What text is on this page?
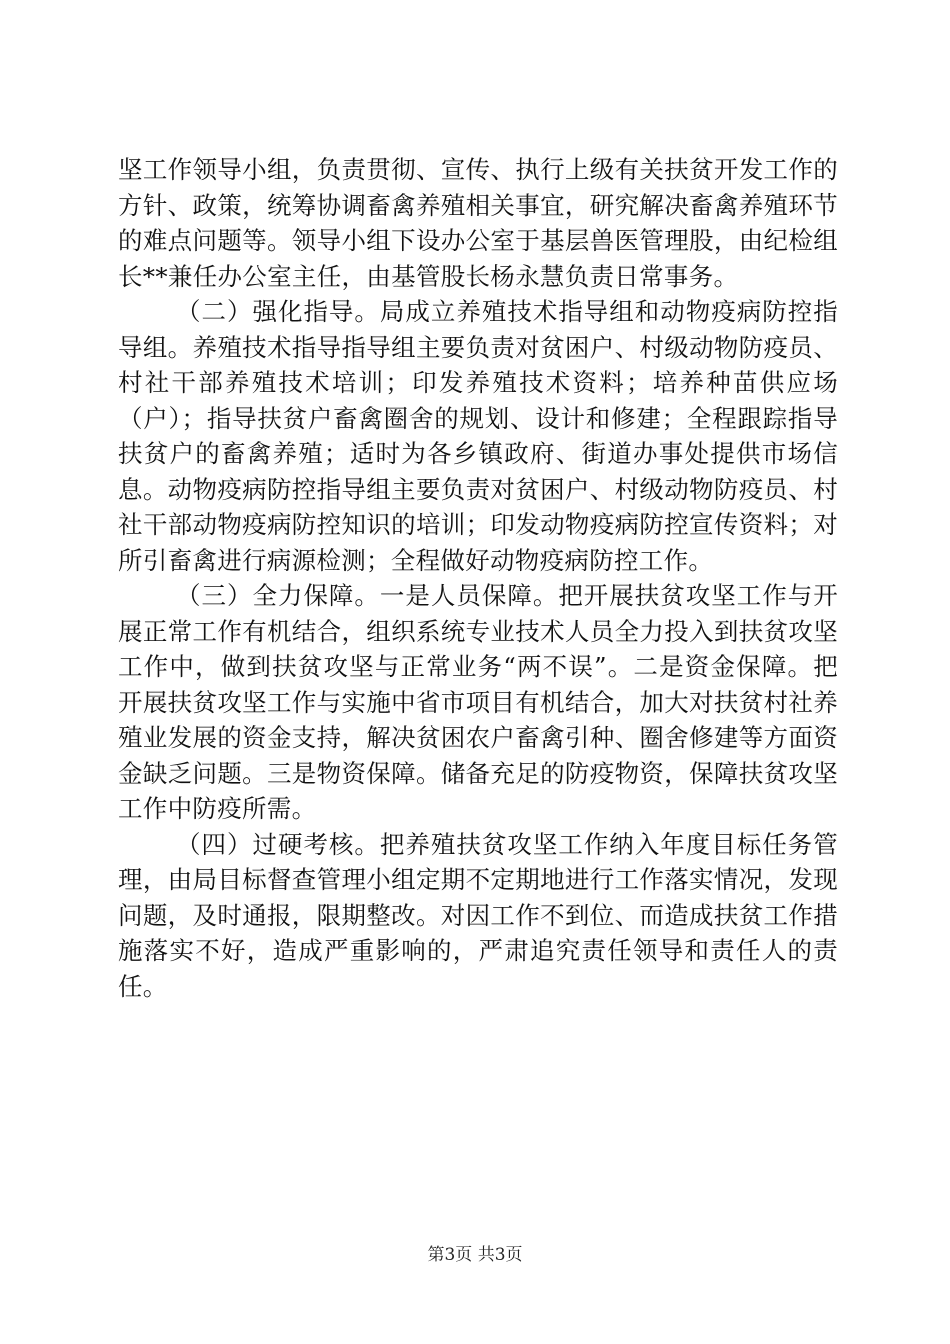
坚工作领导小组，负责贯彻、宣传、执行上级有关扶贫开发工作的方针、政策，统筹协调畜禽养殖相关事宜，研究解决畜禽养殖环节的难点问题等。领导小组下设办公室于基层兽医管理股，由纪检组长**兼任办公室主任，由基管股长杨永慧负责日常事务。

（二）强化指导。局成立养殖技术指导组和动物疫病防控指导组。养殖技术指导指导组主要负责对贫困户、村级动物防疫员、村社干部养殖技术培训；印发养殖技术资料；培养种苗供应场（户）；指导扶贫户畜禽圈舍的规划、设计和修建；全程跟踪指导扶贫户的畜禽养殖；适时为各乡镇政府、街道办事处提供市场信息。动物疫病防控指导组主要负责对贫困户、村级动物防疫员、村社干部动物疫病防控知识的培训；印发动物疫病防控宣传资料；对所引畜禽进行病源检测；全程做好动物疫病防控工作。

（三）全力保障。一是人员保障。把开展扶贫攻坚工作与开展正常工作有机结合，组织系统专业技术人员全力投入到扶贫攻坚工作中，做到扶贫攻坚与正常业务“两不误”。二是资金保障。把开展扶贫攻坚工作与实施中省市项目有机结合，加大对扶贫村社养殖业发展的资金支持，解决贫困农户畜禽引种、圈舍修建等方面资金缺乏问题。三是物资保障。储备充足的防疫物资，保障扶贫攻坚工作中防疫所需。

（四）过硬考核。把养殖扶贫攻坚工作纳入年度目标任务管理，由局目标督查管理小组定期不定期地进行工作落实情况，发现问题，及时通报，限期整改。对因工作不到位、而造成扶贫工作措施落实不好，造成严重影响的，严肃追究责任领导和责任人的责任。

第3页 共3页
